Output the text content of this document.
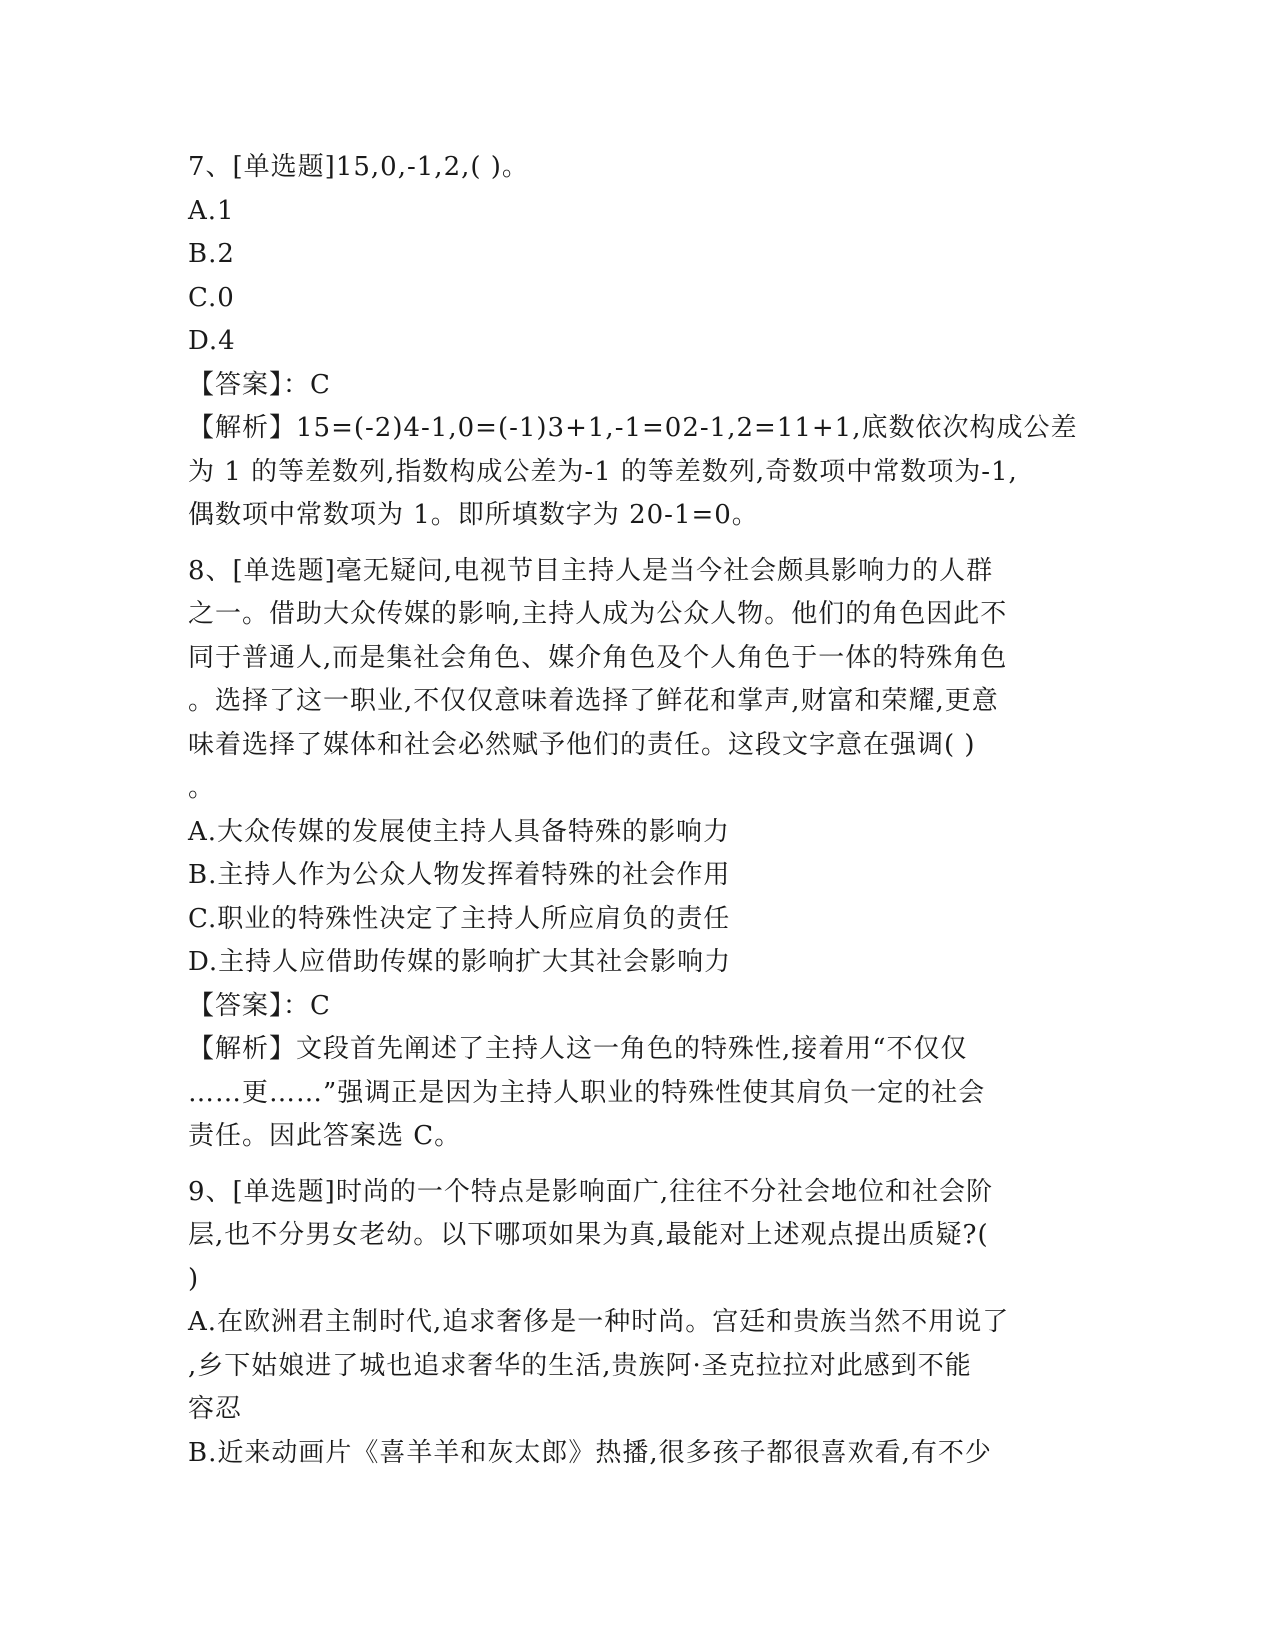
7、[单选题]15,0,-1,2,( )。
A.1
B.2
C.0
D.4
【答案】：C
【解析】15=(-2)4-1,0=(-1)3+1,-1=02-1,2=11+1,底数依次构成公差
为 1 的等差数列,指数构成公差为-1 的等差数列,奇数项中常数项为-1,
偶数项中常数项为 1。即所填数字为 20-1=0。
8、[单选题]毫无疑问,电视节目主持人是当今社会颇具影响力的人群
之一。借助大众传媒的影响,主持人成为公众人物。他们的角色因此不
同于普通人,而是集社会角色、媒介角色及个人角色于一体的特殊角色
。选择了这一职业,不仅仅意味着选择了鲜花和掌声,财富和荣耀,更意
味着选择了媒体和社会必然赋予他们的责任。这段文字意在强调( )
。
A.大众传媒的发展使主持人具备特殊的影响力
B.主持人作为公众人物发挥着特殊的社会作用
C.职业的特殊性决定了主持人所应肩负的责任
D.主持人应借助传媒的影响扩大其社会影响力
【答案】：C
【解析】文段首先阐述了主持人这一角色的特殊性,接着用“不仅仅
……更……”强调正是因为主持人职业的特殊性使其肩负一定的社会
责任。因此答案选 C。
9、[单选题]时尚的一个特点是影响面广,往往不分社会地位和社会阶
层,也不分男女老幼。以下哪项如果为真,最能对上述观点提出质疑?(
)
A.在欧洲君主制时代,追求奢侈是一种时尚。宫廷和贵族当然不用说了
,乡下姑娘进了城也追求奢华的生活,贵族阿·圣克拉拉对此感到不能
容忍
B.近来动画片《喜羊羊和灰太郎》热播,很多孩子都很喜欢看,有不少
